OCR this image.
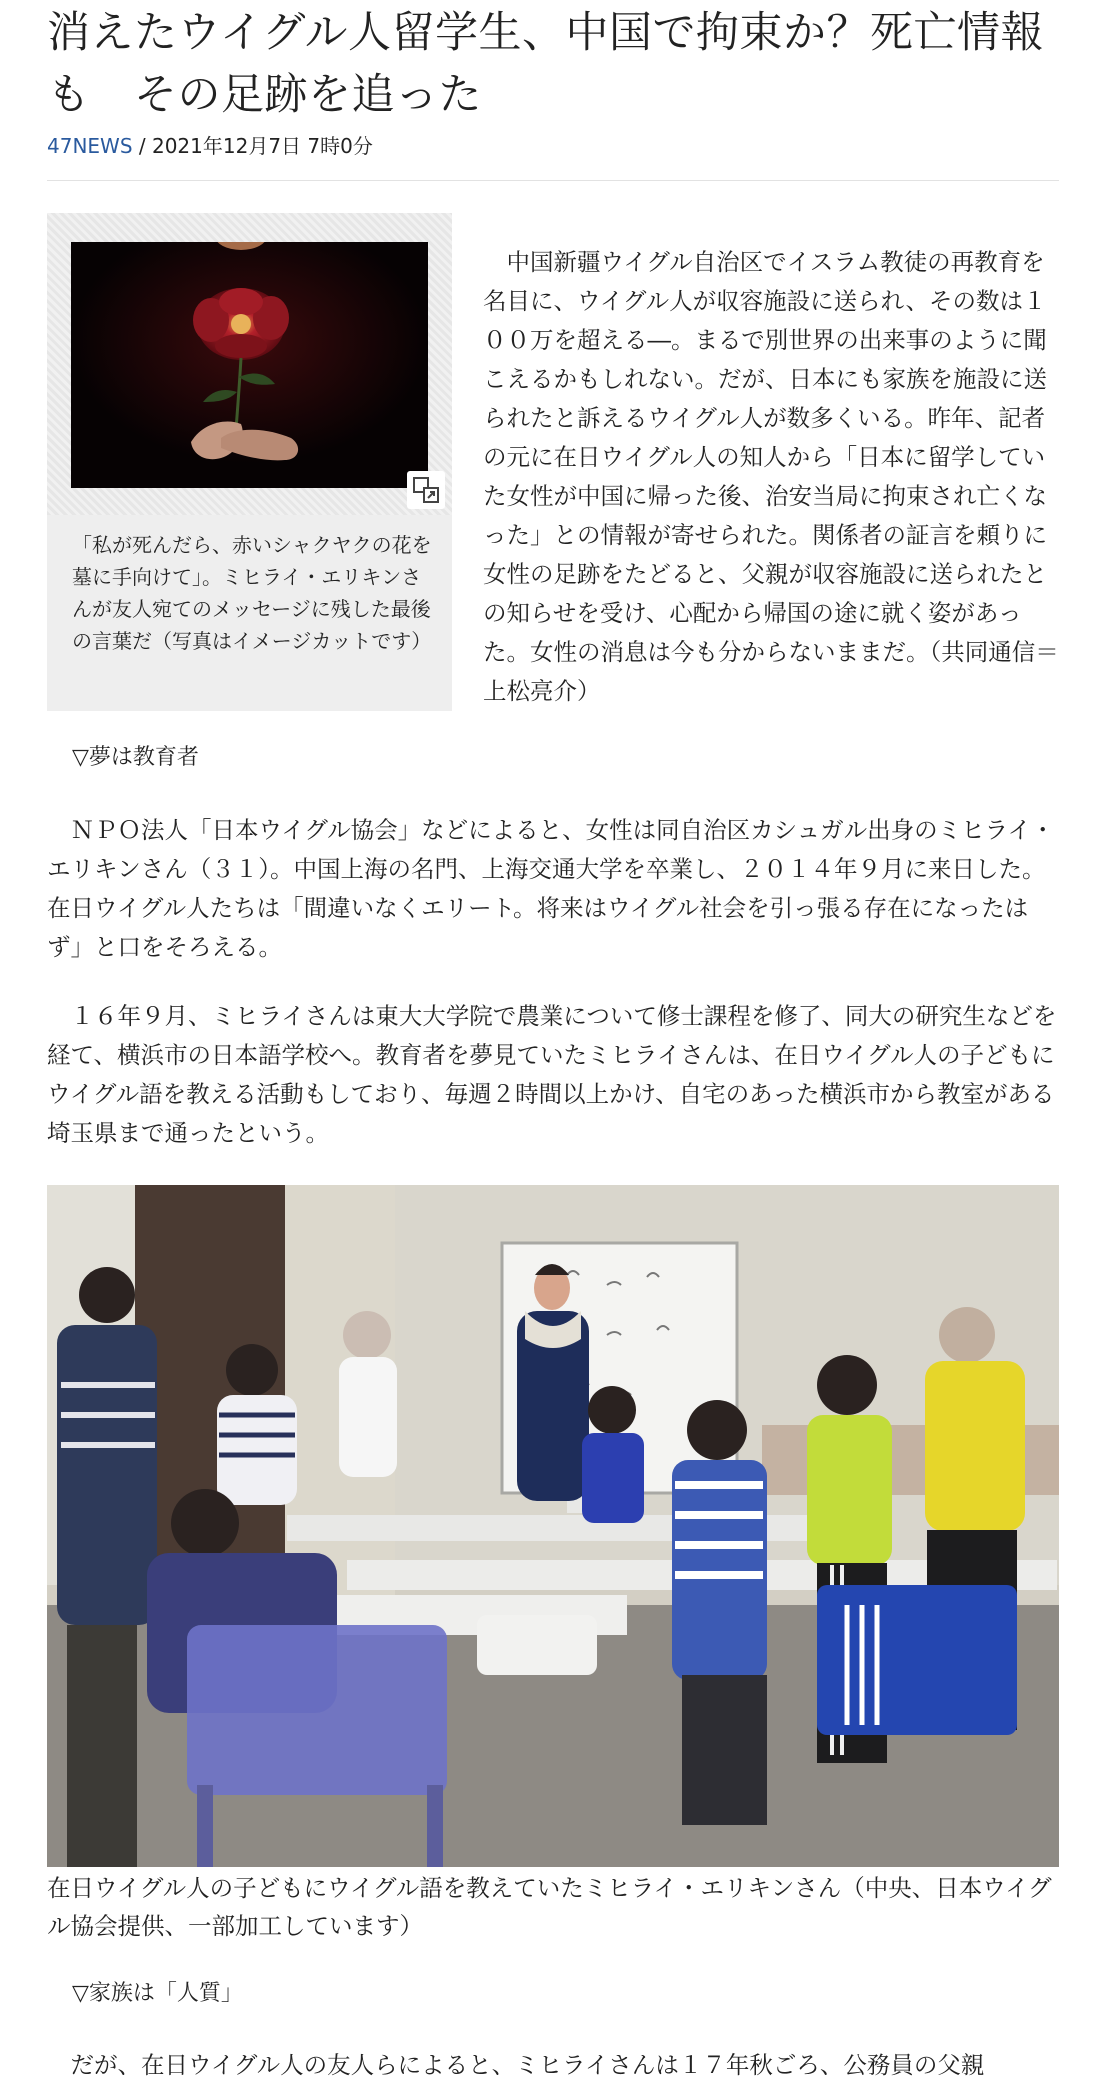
消えたウイグル人留学生、中国で拘束か？死亡情報も　その足跡を追った
47NEWS / 2021年12月7日 7時0分
「私が死んだら、赤いシャクヤクの花を墓に手向けて」。ミヒライ・エリキンさんが友人宛てのメッセージに残した最後の言葉だ（写真はイメージカットです）

　中国新疆ウイグル自治区でイスラム教徒の再教育を名目に、ウイグル人が収容施設に送られ、その数は１００万を超える―。まるで別世界の出来事のように聞こえるかもしれない。だが、日本にも家族を施設に送られたと訴えるウイグル人が数多くいる。昨年、記者の元に在日ウイグル人の知人から「日本に留学していた女性が中国に帰った後、治安当局に拘束され亡くなった」との情報が寄せられた。関係者の証言を頼りに女性の足跡をたどると、父親が収容施設に送られたとの知らせを受け、心配から帰国の途に就く姿があった。女性の消息は今も分からないままだ。（共同通信＝上松亮介）

▽夢は教育者

　ＮＰＯ法人「日本ウイグル協会」などによると、女性は同自治区カシュガル出身のミヒライ・エリキンさん（３１）。中国上海の名門、上海交通大学を卒業し、２０１４年９月に来日した。在日ウイグル人たちは「間違いなくエリート。将来はウイグル社会を引っ張る存在になったはず」と口をそろえる。

　１６年９月、ミヒライさんは東大大学院で農業について修士課程を修了、同大の研究生などを経て、横浜市の日本語学校へ。教育者を夢見ていたミヒライさんは、在日ウイグル人の子どもにウイグル語を教える活動もしており、毎週２時間以上かけ、自宅のあった横浜市から教室がある埼玉県まで通ったという。

在日ウイグル人の子どもにウイグル語を教えていたミヒライ・エリキンさん（中央、日本ウイグル協会提供、一部加工しています）
▽家族は「人質」

　だが、在日ウイグル人の友人らによると、ミヒライさんは１７年秋ごろ、公務員の父親
